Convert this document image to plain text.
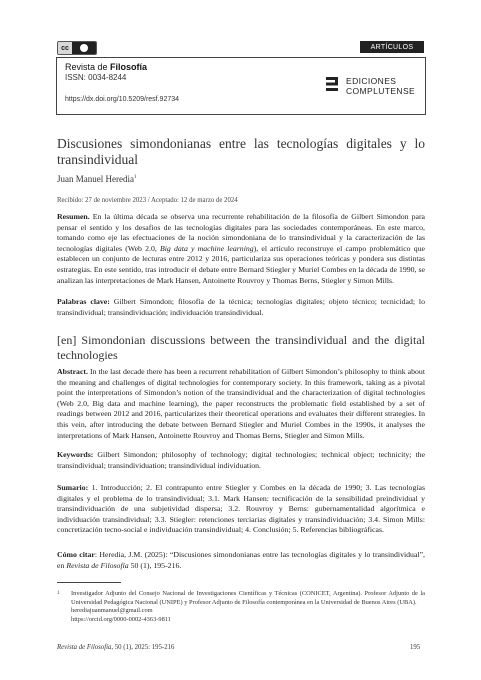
cc	ARTÍCULOS
Revista de Filosofía
ISSN: 0034-8244
https://dx.doi.org/10.5209/resf.92734
EDICIONES
COMPLUTENSE
Discusiones simondonianas entre las tecnologías digitales y lo transindividual
Juan Manuel Heredia$^1$
Recibido: 27 de noviembre 2023 / Aceptado: 12 de marzo de 2024

Resumen. En la última década se observa una recurrente rehabilitación de la filosofía de Gilbert Simondon para pensar el sentido y los desafíos de las tecnologías digitales para las sociedades contemporáneas. En este marco, tomando como eje las efectuaciones de la noción simondoniana de lo transindividual y la caracterización de las tecnologías digitales (Web 2.0, Big data y machine learning), el artículo reconstruye el campo problemático que establecen un conjunto de lecturas entre 2012 y 2016, particulariza sus operaciones teóricas y pondera sus distintas estrategias. En este sentido, tras introducir el debate entre Bernard Stiegler y Muriel Combes en la década de 1990, se analizan las interpretaciones de Mark Hansen, Antoinette Rouvroy y Thomas Berns, Stiegler y Simon Mills.

Palabras clave: Gilbert Simondon; filosofía de la técnica; tecnologías digitales; objeto técnico; tecnicidad; lo transindividual; transindividuación; individuación transindividual.

[en] Simondonian discussions between the transindividual and the digital technologies

Abstract. In the last decade there has been a recurrent rehabilitation of Gilbert Simondon’s philosophy to think about the meaning and challenges of digital technologies for contemporary society. In this framework, taking as a pivotal point the interpretations of Simondon’s notion of the transindividual and the characterization of digital technologies (Web 2.0, Big data and machine learning), the paper reconstructs the problematic field established by a set of readings between 2012 and 2016, particularizes their theoretical operations and evaluates their different strategies. In this vein, after introducing the debate between Bernard Stiegler and Muriel Combes in the 1990s, it analyses the interpretations of Mark Hansen, Antoinette Rouvroy and Thomas Berns, Stiegler and Simon Mills.

Keywords: Gilbert Simondon; philosophy of technology; digital technologies; technical object; technicity; the transindividual; transindividuation; transindividual individuation.

Sumario: 1. Introducción; 2. El contrapunto entre Stiegler y Combes en la década de 1990; 3. Las tecnologías digitales y el problema de lo transindividual; 3.1. Mark Hansen: tecnificación de la sensibilidad preindividual y transindividuación de una subjetividad dispersa; 3.2. Rouvroy y Berns: gubernamentalidad algorítmica e individuación transindividual; 3.3. Stiegler: retenciones terciarias digitales y transindividuación; 3.4. Simon Mills: concretización tecno-social e individuación transindividual; 4. Conclusión; 5. Referencias bibliográficas.

Cómo citar: Heredia, J.M. (2025): “Discusiones simondonianas entre las tecnologías digitales y lo transindividual”, en Revista de Filosofía 50 (1), 195-216.

1 Investigador Adjunto del Consejo Nacional de Investigaciones Científicas y Técnicas (CONICET, Argentina). Profesor Adjunto de la Universidad Pedagógica Nacional (UNIPE) y Profesor Adjunto de Filosofía contemporánea en la Universidad de Buenos Aires (UBA).
herediajuanmanuel@gmail.com
https://orcid.org/0000-0002-4363-9811
Revista de Filosofía, 50 (1), 2025: 195-216	195
